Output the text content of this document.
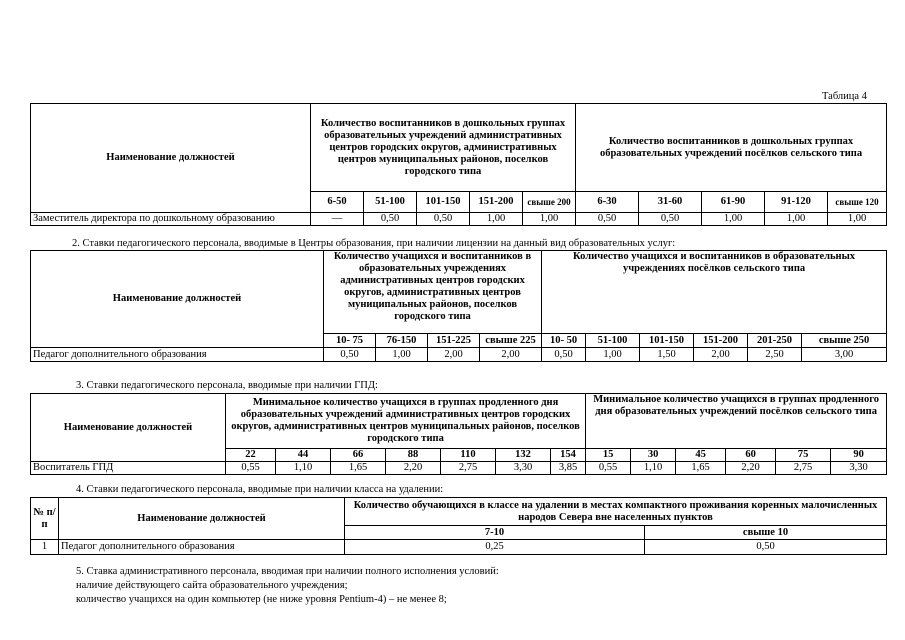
Таблица 4
Наименование должностей	Количество воспитанников в дошкольных группах образовательных учреждений административных центров городских округов, административных центров муниципальных районов, поселков городского типа					Количество воспитанников в дошкольных группах образовательных учреждений посёлков сельского типа				
	6-50	51-100	101-150	151-200	свыше 200	6-30	31-60	61-90	91-120	свыше 120
Заместитель директора по дошкольному образованию	—	0,50	0,50	1,00	1,00	0,50	0,50	1,00	1,00	1,00
2. Ставки педагогического персонала, вводимые в Центры образования, при наличии лицензии на данный вид образовательных услуг:
Наименование должностей	Количество учащихся и воспитанников в образовательных учреждениях административных центров городских округов, административных центров муниципальных районов, поселков городского типа				Количество учащихся и воспитанников в образовательных учреждениях посёлков сельского типа					
	10- 75	76-150	151-225	свыше 225	10- 50	51-100	101-150	151-200	201-250	свыше 250
Педагог дополнительного образования	0,50	1,00	2,00	2,00	0,50	1,00	1,50	2,00	2,50	3,00
3. Ставки педагогического персонала, вводимые при наличии ГПД:
Наименование должностей	Минимальное количество учащихся в группах продленного дня образовательных учреждений административных центров городских округов, административных центров муниципальных районов, поселков городского типа							Минимальное количество учащихся в группах продленного дня образовательных учреждений посёлков сельского типа					
	22	44	66	88	110	132	154	15	30	45	60	75	90
Воспитатель ГПД	0,55	1,10	1,65	2,20	2,75	3,30	3,85	0,55	1,10	1,65	2,20	2,75	3,30
4. Ставки педагогического персонала, вводимые при наличии класса на удалении:
№ п/п	Наименование должностей	Количество обучающихся в классе на удалении в местах компактного проживания коренных малочисленных народов Севера вне населенных пунктов	
		7-10	свыше 10
1	Педагог дополнительного образования	0,25	0,50
5. Ставка административного персонала, вводимая при наличии полного исполнения условий:
наличие действующего сайта образовательного учреждения;
количество учащихся на один компьютер (не ниже уровня Pentium-4) – не менее 8;
